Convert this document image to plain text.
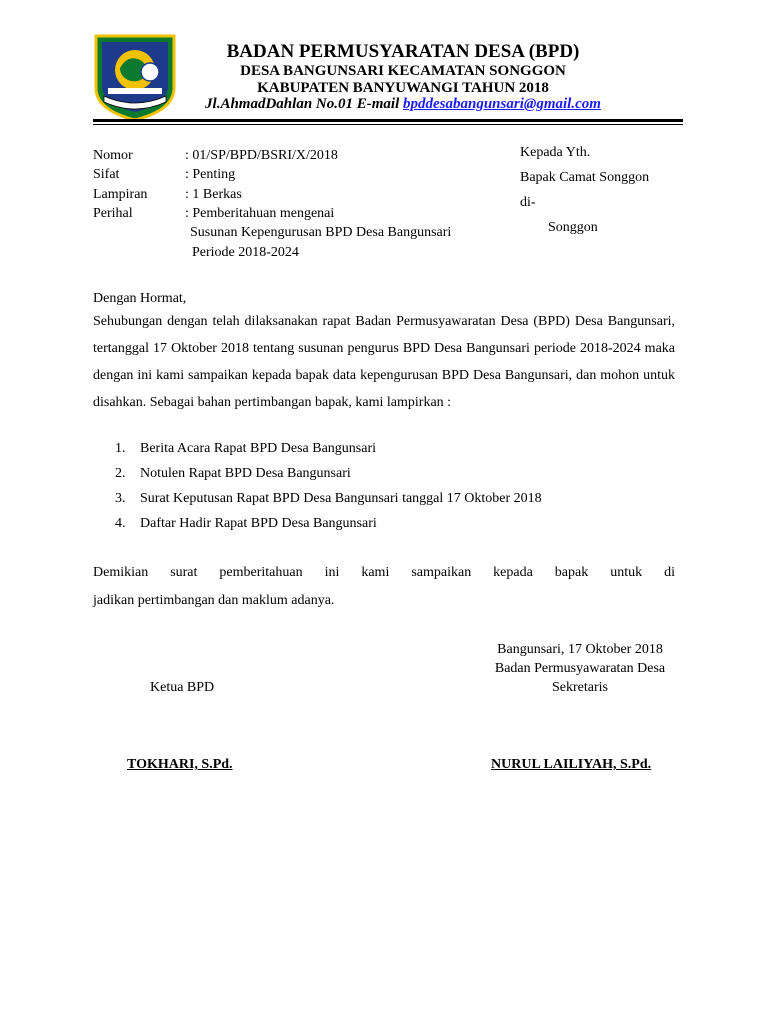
BADAN PERMUSYARATAN DESA (BPD)
DESA BANGUNSARI KECAMATAN SONGGON
KABUPATEN BANYUWANGI TAHUN 2018
Jl.AhmadDahlan No.01 E-mail bpddesabangunsari@gmail.com
Nomor	: 01/SP/BPD/BSRI/X/2018
Sifat	: Penting
Lampiran	: 1 Berkas
Perihal	: Pemberitahuan mengenai
Susunan Kepengurusan BPD Desa Bangunsari
Periode 2018-2024
Kepada Yth.
Bapak Camat Songgon
di-
Songgon
Dengan Hormat,
Sehubungan dengan telah dilaksanakan rapat Badan Permusyawaratan Desa (BPD) Desa Bangunsari, tertanggal 17 Oktober 2018 tentang susunan pengurus BPD Desa Bangunsari periode 2018-2024 maka dengan ini kami sampaikan kepada bapak data kepengurusan BPD Desa Bangunsari, dan mohon untuk disahkan. Sebagai bahan pertimbangan bapak, kami lampirkan :
1. Berita Acara Rapat BPD Desa Bangunsari
2. Notulen Rapat BPD Desa Bangunsari
3. Surat Keputusan Rapat BPD Desa Bangunsari tanggal 17 Oktober 2018
4. Daftar Hadir Rapat BPD Desa Bangunsari
Demikian surat pemberitahuan ini kami sampaikan kepada bapak untuk di
jadikan pertimbangan dan maklum adanya.
Bangunsari, 17 Oktober 2018
Badan Permusyawaratan Desa
Sekretaris
Ketua BPD
TOKHARI, S.Pd.	NURUL LAILIYAH, S.Pd.
